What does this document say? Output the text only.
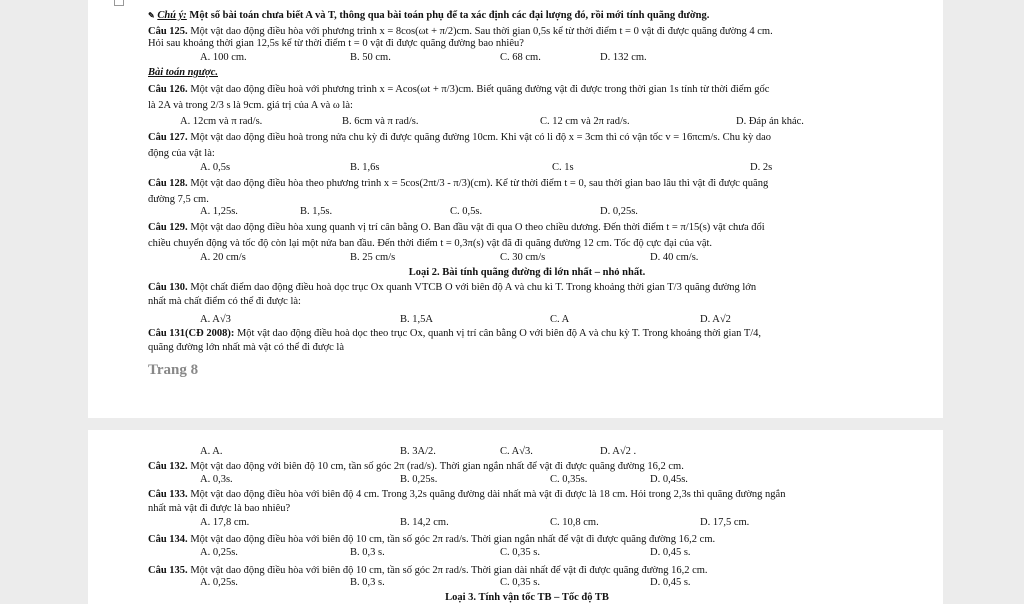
✎ Chú ý: Một số bài toán chưa biết A và T, thông qua bài toán phụ để ta xác định các đại lượng đó, rồi mới tính quãng đường.
Câu 125. Một vật dao động điều hòa với phương trình x = 8cos(ωt + π/2)cm. Sau thời gian 0,5s kể từ thời điểm t = 0 vật đi được quãng đường 4 cm.
Hỏi sau khoảng thời gian 12,5s kể từ thời điểm t = 0 vật đi được quãng đường bao nhiêu?
A. 100 cm.	B. 50 cm.	C. 68 cm.	D. 132 cm.
Bài toán ngược.
Câu 126. Một vật dao động điều hoà với phương trình x = Acos(ωt + π/3)cm. Biết quãng đường vật đi được trong thời gian 1s tính từ thời điểm gốc
là 2A và trong 2/3 s là 9cm. giá trị của A và ω là:
A. 12cm và π rad/s.	B. 6cm và π rad/s.	C. 12 cm và 2π rad/s.	D. Đáp án khác.
Câu 127. Một vật dao động điều hoà trong nửa chu kỳ đi được quãng đường 10cm. Khi vật có li độ x = 3cm thì có vận tốc v = 16πcm/s. Chu kỳ dao
động của vật là:
A. 0,5s	B. 1,6s	C. 1s	D. 2s
Câu 128. Một vật dao động điều hòa theo phương trình x = 5cos(2πt/3 - π/3)(cm). Kể từ thời điểm t = 0, sau thời gian bao lâu thì vật đi được quãng
đường 7,5 cm.
A. 1,25s.	B. 1,5s.	C. 0,5s.	D. 0,25s.
Câu 129. Một vật dao động điều hòa xung quanh vị trí cân bằng O. Ban đầu vật đi qua O theo chiều dương. Đến thời điểm t = π/15(s) vật chưa đổi
chiều chuyển động và tốc độ còn lại một nửa ban đầu. Đến thời điểm t = 0,3π(s) vật đã đi quãng đường 12 cm. Tốc độ cực đại của vật.
A. 20 cm/s	B. 25 cm/s	C. 30 cm/s	D. 40 cm/s.
Loại 2. Bài tính quãng đường đi lớn nhất – nhỏ nhất.
Câu 130. Một chất điểm dao động điều hoà dọc trục Ox quanh VTCB O với biên độ A và chu kì T. Trong khoảng thời gian T/3 quãng đường lớn
nhất mà chất điểm có thể đi được là:
A. A√3	B. 1,5A	C. A	D. A√2
Câu 131(CĐ 2008): Một vật dao động điều hoà dọc theo trục Ox, quanh vị trí cân bằng O với biên độ A và chu kỳ T. Trong khoảng thời gian T/4,
quãng đường lớn nhất mà vật có thể đi được là
Trang 8
A. A.	B. 3A/2.	C. A√3.	D. A√2 .
Câu 132. Một vật dao động với biên độ 10 cm, tần số góc 2π (rad/s). Thời gian ngắn nhất để vật đi được quãng đường 16,2 cm.
A. 0,3s.	B. 0,25s.	C. 0,35s.	D. 0,45s.
Câu 133. Một vật dao động điều hòa với biên độ 4 cm. Trong 3,2s quãng đường dài nhất mà vật đi được là 18 cm. Hỏi trong 2,3s thì quãng đường ngắn
nhất mà vật đi được là bao nhiêu?
A. 17,8 cm.	B. 14,2 cm.	C. 10,8 cm.	D. 17,5 cm.
Câu 134. Một vật dao động điều hòa với biên độ 10 cm, tần số góc 2π rad/s. Thời gian ngắn nhất để vật đi được quãng đường 16,2 cm.
A. 0,25s.	B. 0,3 s.	C. 0,35 s.	D. 0,45 s.
Câu 135. Một vật dao động điều hòa với biên độ 10 cm, tần số góc 2π rad/s. Thời gian dài nhất để vật đi được quãng đường 16,2 cm.
A. 0,25s.	B. 0,3 s.	C. 0,35 s.	D. 0,45 s.
Loại 3. Tính vận tốc TB – Tốc độ TB
